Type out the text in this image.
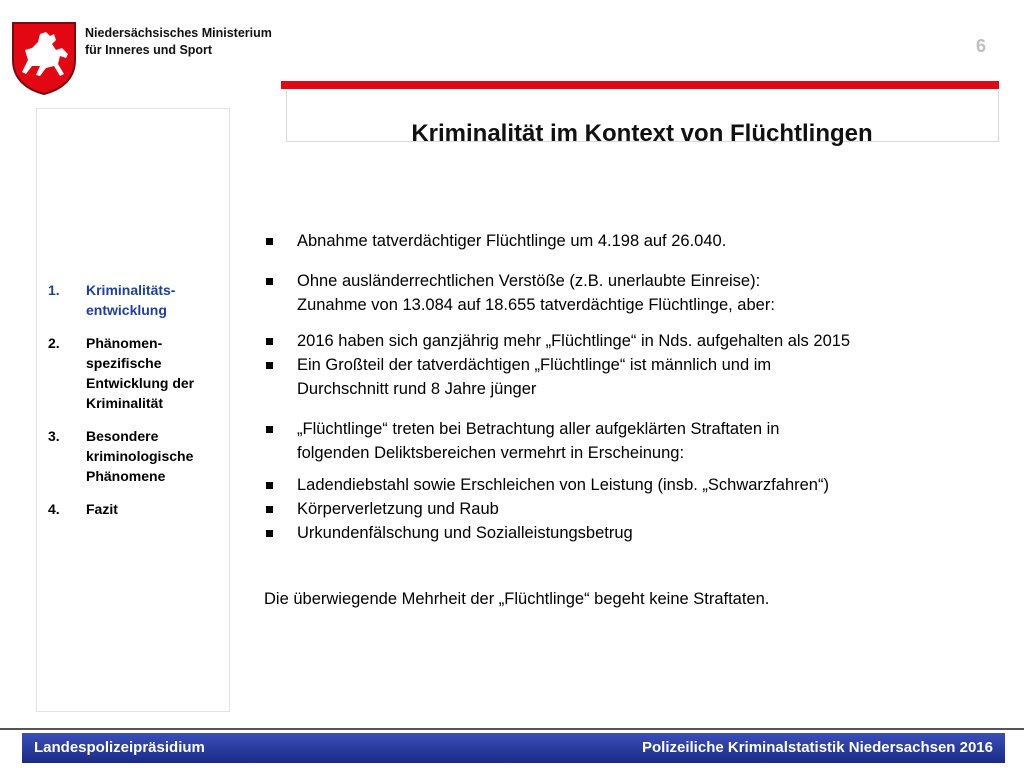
Niedersächsisches Ministerium
für Inneres und Sport	6
Kriminalität im Kontext von Flüchtlingen
1.	Kriminalitäts-entwicklung
2.	Phänomen-spezifische Entwicklung der Kriminalität
3.	Besondere kriminologische Phänomene
4.	Fazit
Abnahme tatverdächtiger Flüchtlinge um 4.198 auf 26.040.
Ohne ausländerrechtlichen Verstöße (z.B. unerlaubte Einreise):
Zunahme von 13.084 auf 18.655 tatverdächtige Flüchtlinge, aber:
2016 haben sich ganzjährig mehr „Flüchtlinge“ in Nds. aufgehalten als 2015
Ein Großteil der tatverdächtigen „Flüchtlinge“ ist männlich und im
Durchschnitt rund 8 Jahre jünger
„Flüchtlinge“ treten bei Betrachtung aller aufgeklärten Straftaten in
folgenden Deliktsbereichen vermehrt in Erscheinung:
Ladendiebstahl sowie Erschleichen von Leistung (insb. „Schwarzfahren“)
Körperverletzung und Raub
Urkundenfälschung und Sozialleistungsbetrug
Die überwiegende Mehrheit der „Flüchtlinge“ begeht keine Straftaten.
Landespolizeipräsidium	Polizeiliche Kriminalstatistik Niedersachsen 2016
